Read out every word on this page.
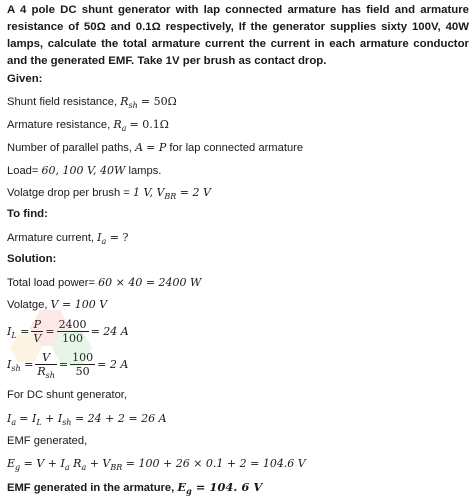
A 4 pole DC shunt generator with lap connected armature has field and armature resistance of 50Ω and 0.1Ω respectively, If the generator supplies sixty 100V, 40W lamps, calculate the total armature current the current in each armature conductor and the generated EMF. Take 1V per brush as contact drop.
Given:
Shunt field resistance, $R_{sh} = 50\Omega$
Armature resistance, $R_a = 0.1\Omega$
Number of parallel paths, A = P for lap connected armature
Load= 60, 100 V, 40W lamps.
Volatge drop per brush = 1 V, $V_{BR} = 2$ V
To find:
Armature current, $I_a$ = ?
Solution:
Total load power= 60 × 40 = 2400 W
Volatge, V = 100 V
$I_L = \frac{P}{V} = \frac{2400}{100} = 24$ A
$I_{sh} = \frac{V}{R_{sh}} = \frac{100}{50} = 2$ A
For DC shunt generator,
$I_a = I_L + I_{sh} = 24 + 2 = 26$ A
EMF generated,
$E_g = V + I_a$ $R_a + V_{BR} = 100 + 26 \times 0.1 + 2 = 104.6$ V
EMF generated in the armature, $E_g = 104$. 6 V
